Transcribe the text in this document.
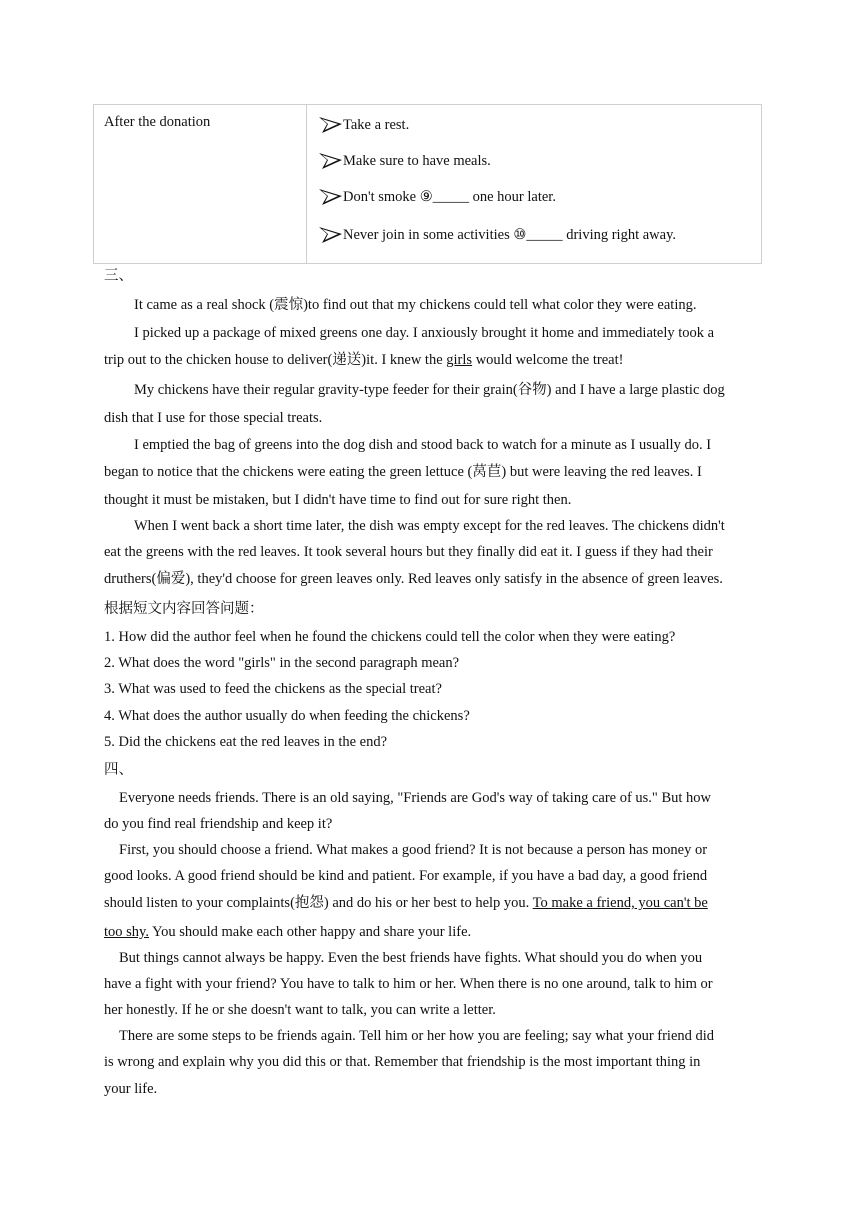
After the donation	Take a rest.
Make sure to have meals.
Don't smoke ⑨_____ one hour later.
Never join in some activities ⑩_____ driving right away.
三、
It came as a real shock (震惊)to find out that my chickens could tell what color they were eating.
I picked up a package of mixed greens one day. I anxiously brought it home and immediately took a
trip out to the chicken house to deliver(递送)it. I knew the girls would welcome the treat!
My chickens have their regular gravity-type feeder for their grain(谷物) and I have a large plastic dog
dish that I use for those special treats.
I emptied the bag of greens into the dog dish and stood back to watch for a minute as I usually do. I
began to notice that the chickens were eating the green lettuce (莴苣) but were leaving the red leaves. I
thought it must be mistaken, but I didn't have time to find out for sure right then.
When I went back a short time later, the dish was empty except for the red leaves. The chickens didn't
eat the greens with the red leaves. It took several hours but they finally did eat it. I guess if they had their
druthers(偏爱), they'd choose for green leaves only. Red leaves only satisfy in the absence of green leaves.
根据短文内容回答问题：
1. How did the author feel when he found the chickens could tell the color when they were eating?
2. What does the word "girls" in the second paragraph mean?
3. What was used to feed the chickens as the special treat?
4. What does the author usually do when feeding the chickens?
5. Did the chickens eat the red leaves in the end?
四、
Everyone needs friends. There is an old saying, "Friends are God's way of taking care of us." But how
do you find real friendship and keep it?
First, you should choose a friend. What makes a good friend? It is not because a person has money or
good looks. A good friend should be kind and patient. For example, if you have a bad day, a good friend
should listen to your complaints(抱怨) and do his or her best to help you. To make a friend, you can't be
too shy. You should make each other happy and share your life.
But things cannot always be happy. Even the best friends have fights. What should you do when you
have a fight with your friend? You have to talk to him or her. When there is no one around, talk to him or
her honestly. If he or she doesn't want to talk, you can write a letter.
There are some steps to be friends again. Tell him or her how you are feeling; say what your friend did
is wrong and explain why you did this or that. Remember that friendship is the most important thing in
your life.
